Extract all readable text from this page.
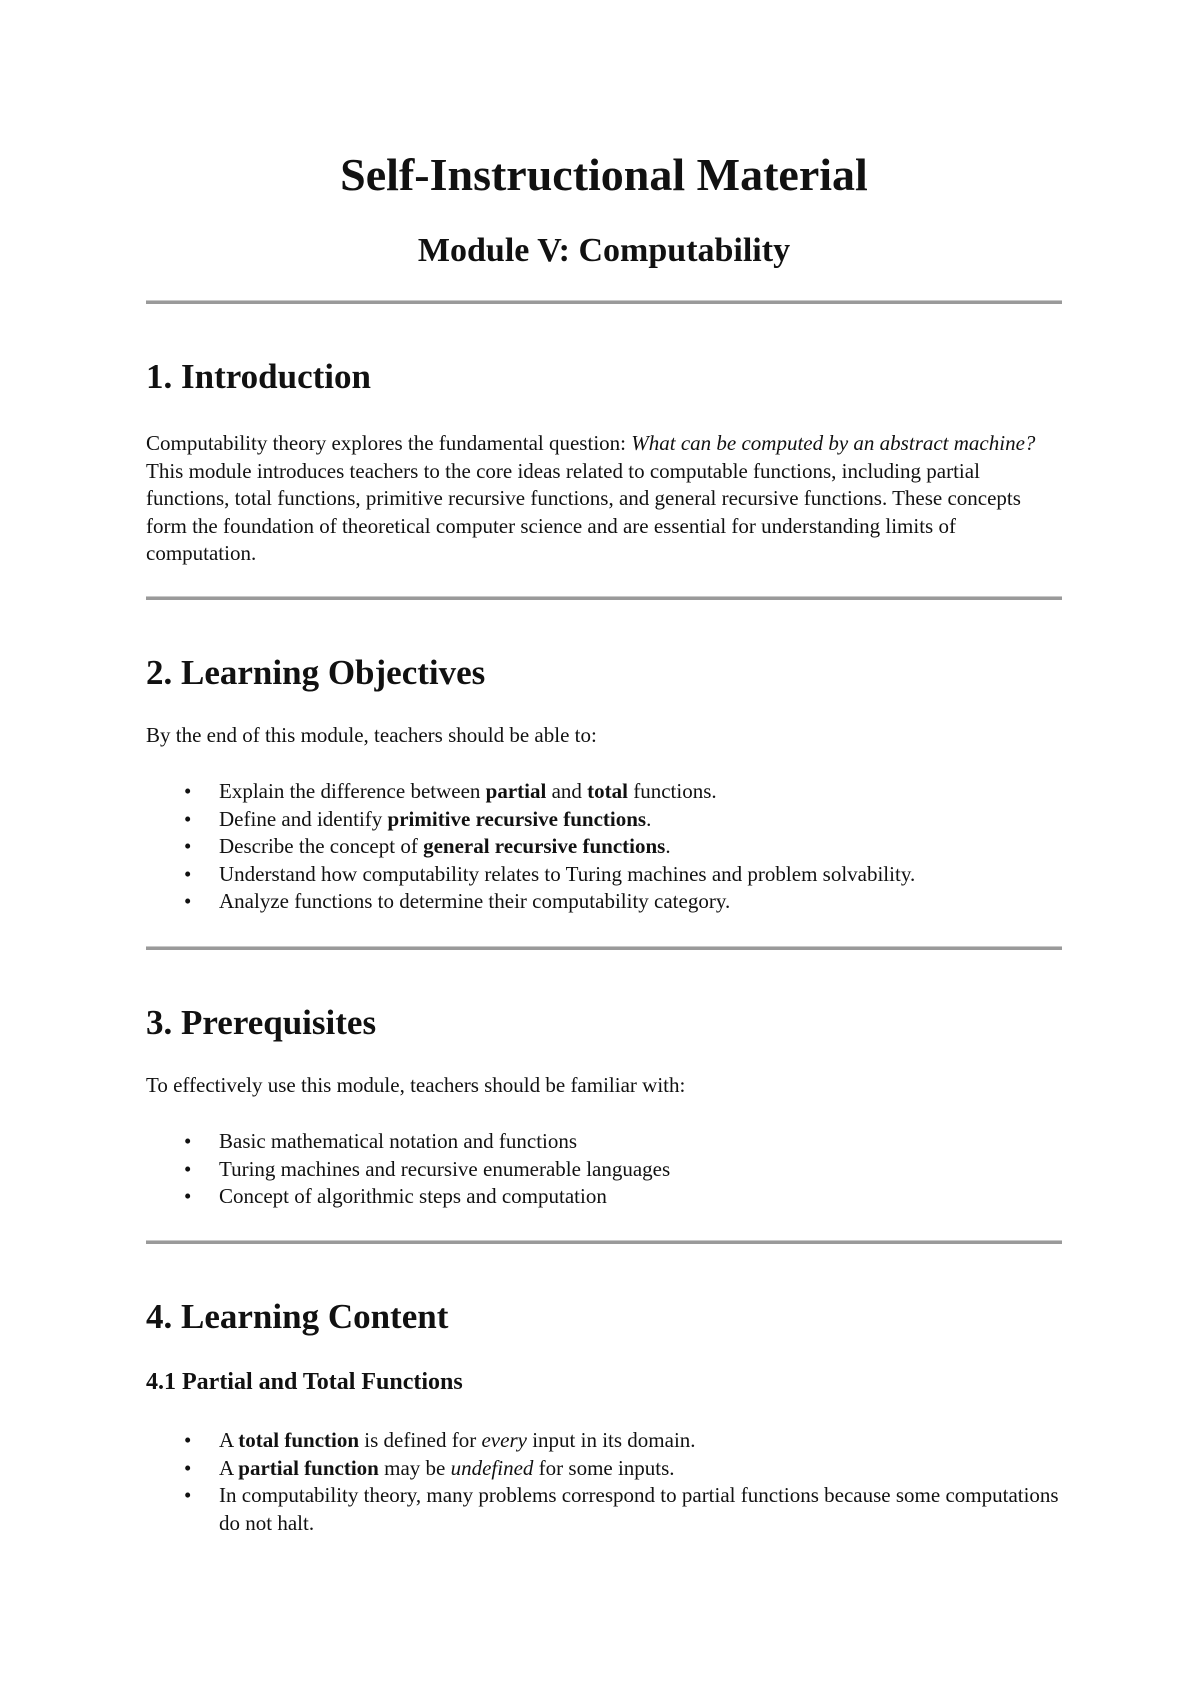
Self-Instructional Material
Module V: Computability
1. Introduction

Computability theory explores the fundamental question: What can be computed by an abstract machine? This module introduces teachers to the core ideas related to computable functions, including partial functions, total functions, primitive recursive functions, and general recursive functions. These concepts form the foundation of theoretical computer science and are essential for understanding limits of computation.

2. Learning Objectives

By the end of this module, teachers should be able to:

• Explain the difference between partial and total functions.
• Define and identify primitive recursive functions.
• Describe the concept of general recursive functions.
• Understand how computability relates to Turing machines and problem solvability.
• Analyze functions to determine their computability category.
3. Prerequisites

To effectively use this module, teachers should be familiar with:

• Basic mathematical notation and functions
• Turing machines and recursive enumerable languages
• Concept of algorithmic steps and computation
4. Learning Content
4.1 Partial and Total Functions
• A total function is defined for every input in its domain.
• A partial function may be undefined for some inputs.
• In computability theory, many problems correspond to partial functions because some computations do not halt.
